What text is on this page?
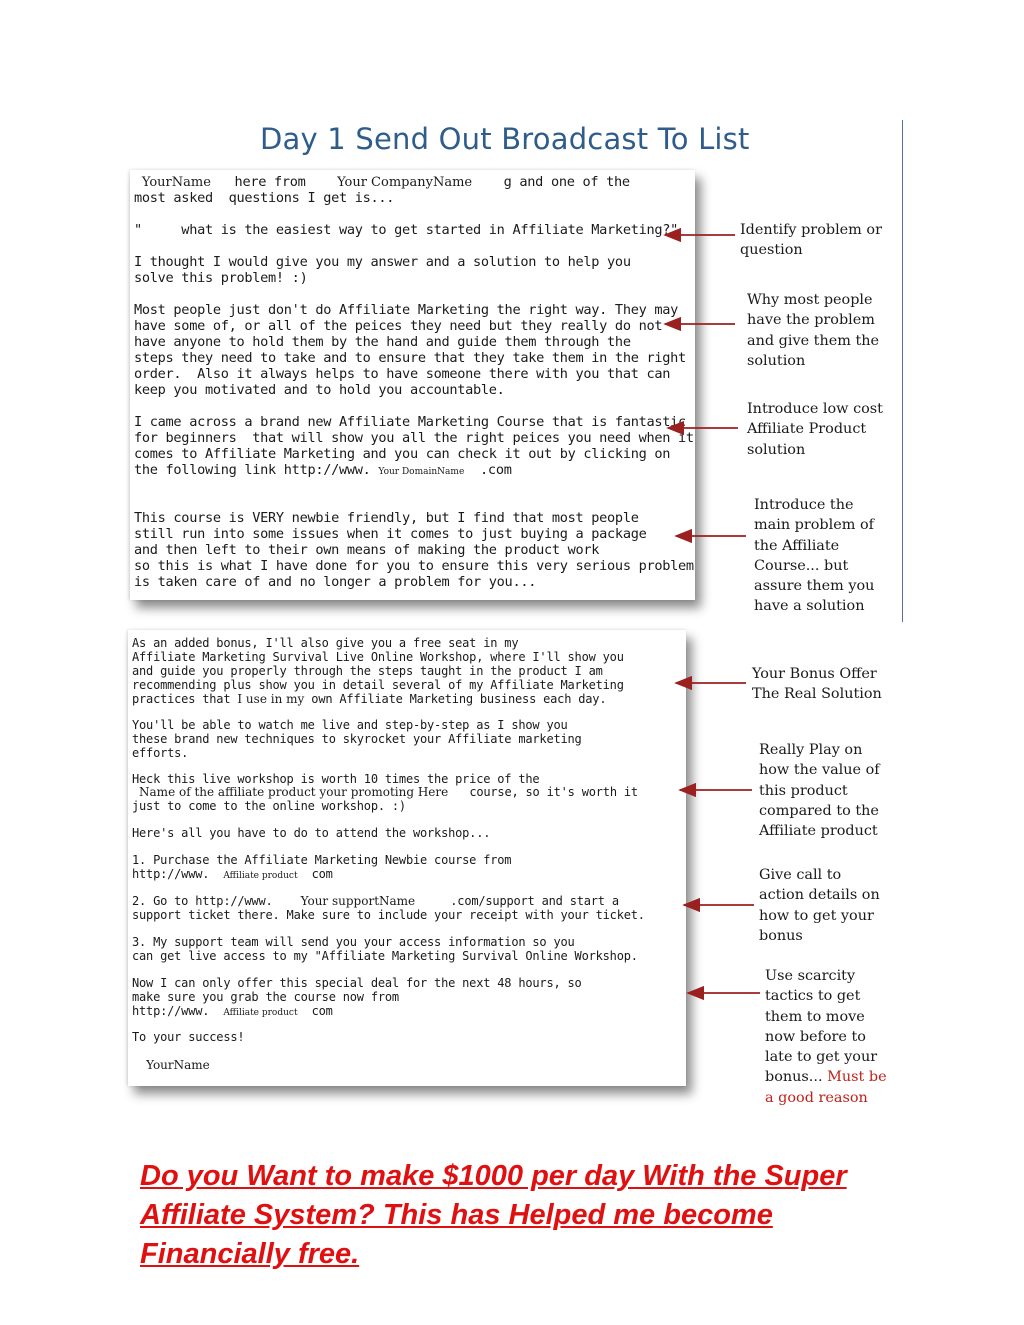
Day 1 Send Out Broadcast To List
YourName   here from    Your CompanyName    g and one of the
most asked  questions I get is...
"     what is the easiest way to get started in Affiliate Marketing?"
I thought I would give you my answer and a solution to help you
solve this problem! :)
Most people just don't do Affiliate Marketing the right way. They may
have some of, or all of the peices they need but they really do not
have anyone to hold them by the hand and guide them through the
steps they need to take and to ensure that they take them in the right
order.  Also it always helps to have someone there with you that can
keep you motivated and to hold you accountable.
I came across a brand new Affiliate Marketing Course that is fantastic
for beginners  that will show you all the right peices you need when it
comes to Affiliate Marketing and you can check it out by clicking on
the following link http://www. Your DomainName  .com
This course is VERY newbie friendly, but I find that most people
still run into some issues when it comes to just buying a package
and then left to their own means of making the product work
so this is what I have done for you to ensure this very serious problem
is taken care of and no longer a problem for you...
As an added bonus, I'll also give you a free seat in my
Affiliate Marketing Survival Live Online Workshop, where I'll show you
and guide you properly through the steps taught in the product I am
recommending plus show you in detail several of my Affiliate Marketing
practices that I use in my own Affiliate Marketing business each day.
You'll be able to watch me live and step-by-step as I show you
these brand new techniques to skyrocket your Affiliate marketing
efforts.
Heck this live workshop is worth 10 times the price of the
Name of the affiliate product your promoting Here   course, so it's worth it
just to come to the online workshop. :)
Here's all you have to do to attend the workshop...
1. Purchase the Affiliate Marketing Newbie course from
http://www.  Affiliate product  com
2. Go to http://www.    Your supportName     .com/support and start a
support ticket there. Make sure to include your receipt with your ticket.
3. My support team will send you your access information so you
can get live access to my "Affiliate Marketing Survival Online Workshop.
Now I can only offer this special deal for the next 48 hours, so
make sure you grab the course now from
http://www.  Affiliate product  com
To your success!
YourName
Identify problem or
question
Why most people
have the problem
and give them the
solution
Introduce low cost
Affiliate Product
solution
Introduce the
main problem of
the Affiliate
Course... but
assure them you
have a solution
Your Bonus Offer
The Real Solution
Really Play on
how the value of
this product
compared to the
Affiliate product
Give call to
action details on
how to get your
bonus
Use scarcity
tactics to get
them to move
now before to
late to get your
bonus... Must be
a good reason
Do you Want to make $1000 per day With the Super
Affiliate System? This has Helped me become
Financially free.
